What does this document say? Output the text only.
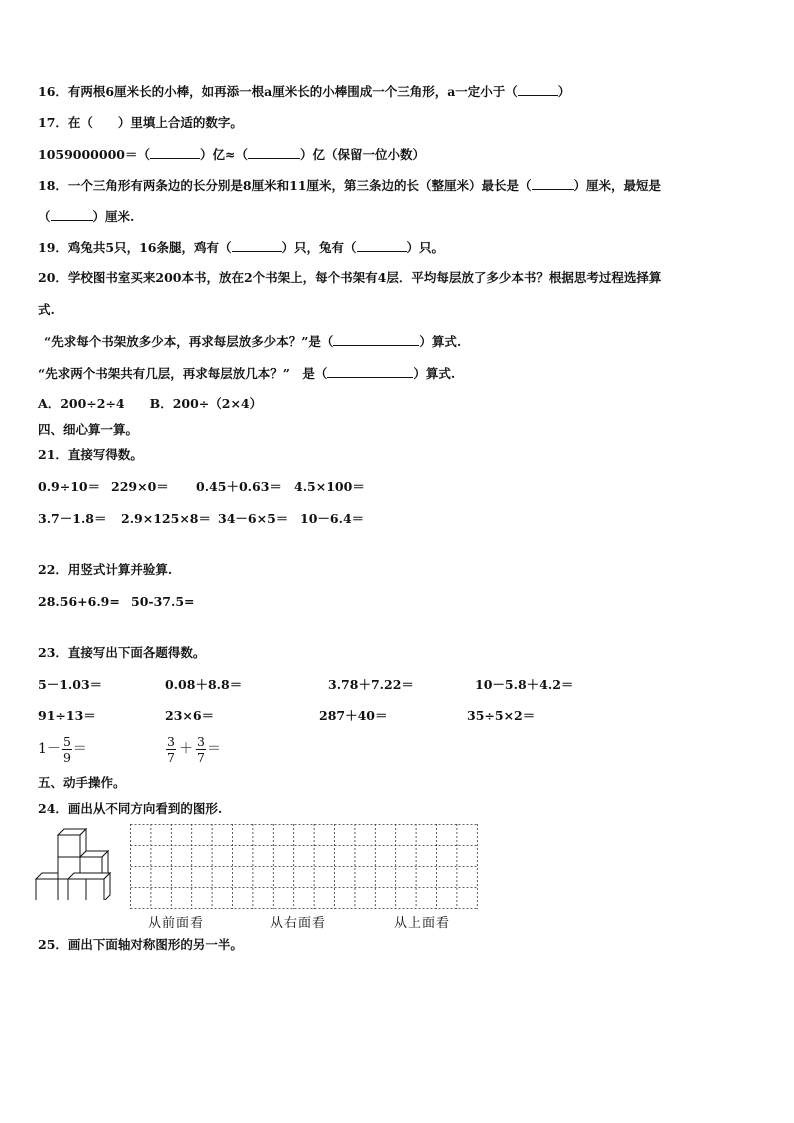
16．有两根6厘米长的小棒，如再添一根a厘米长的小棒围成一个三角形，a一定小于（	）
17．在（　　）里填上合适的数字。
1059000000＝（	）亿≈（	）亿（保留一位小数）
18．一个三角形有两条边的长分别是8厘米和11厘米，第三条边的长（整厘米）最长是（	）厘米，最短是
（	）厘米.
19．鸡兔共5只，16条腿，鸡有（	）只，兔有（	）只。
20．学校图书室买来200本书，放在2个书架上，每个书架有4层．平均每层放了多少本书？根据思考过程选择算
式.
“先求每个书架放多少本，再求每层放多少本？”是（	）算式.
“先求两个书架共有几层，再求每层放几本？”　是（	）算式.
A．200÷2÷4　　B．200÷（2×4）
四、细心算一算。
21．直接写得数。
0.9÷10＝ 229×0＝ 0.45＋0.63＝ 4.5×100＝
3.7－1.8＝ 2.9×125×8＝ 34－6×5＝ 10－6.4＝
22．用竖式计算并验算.
28.56+6.9= 50-37.5=
23．直接写出下面各题得数。
5－1.03＝	0.08＋8.8＝	3.78＋7.22＝	10－5.8＋4.2＝
91÷13＝	23×6＝	287＋40＝	35÷5×2＝
$1- \frac{5}{9}$ ＝	$\frac{3}{7} + \frac{3}{7}$ ＝
五、动手操作。
24．画出从不同方向看到的图形.
从前面看	从右面看	从上面看
25．画出下面轴对称图形的另一半。
